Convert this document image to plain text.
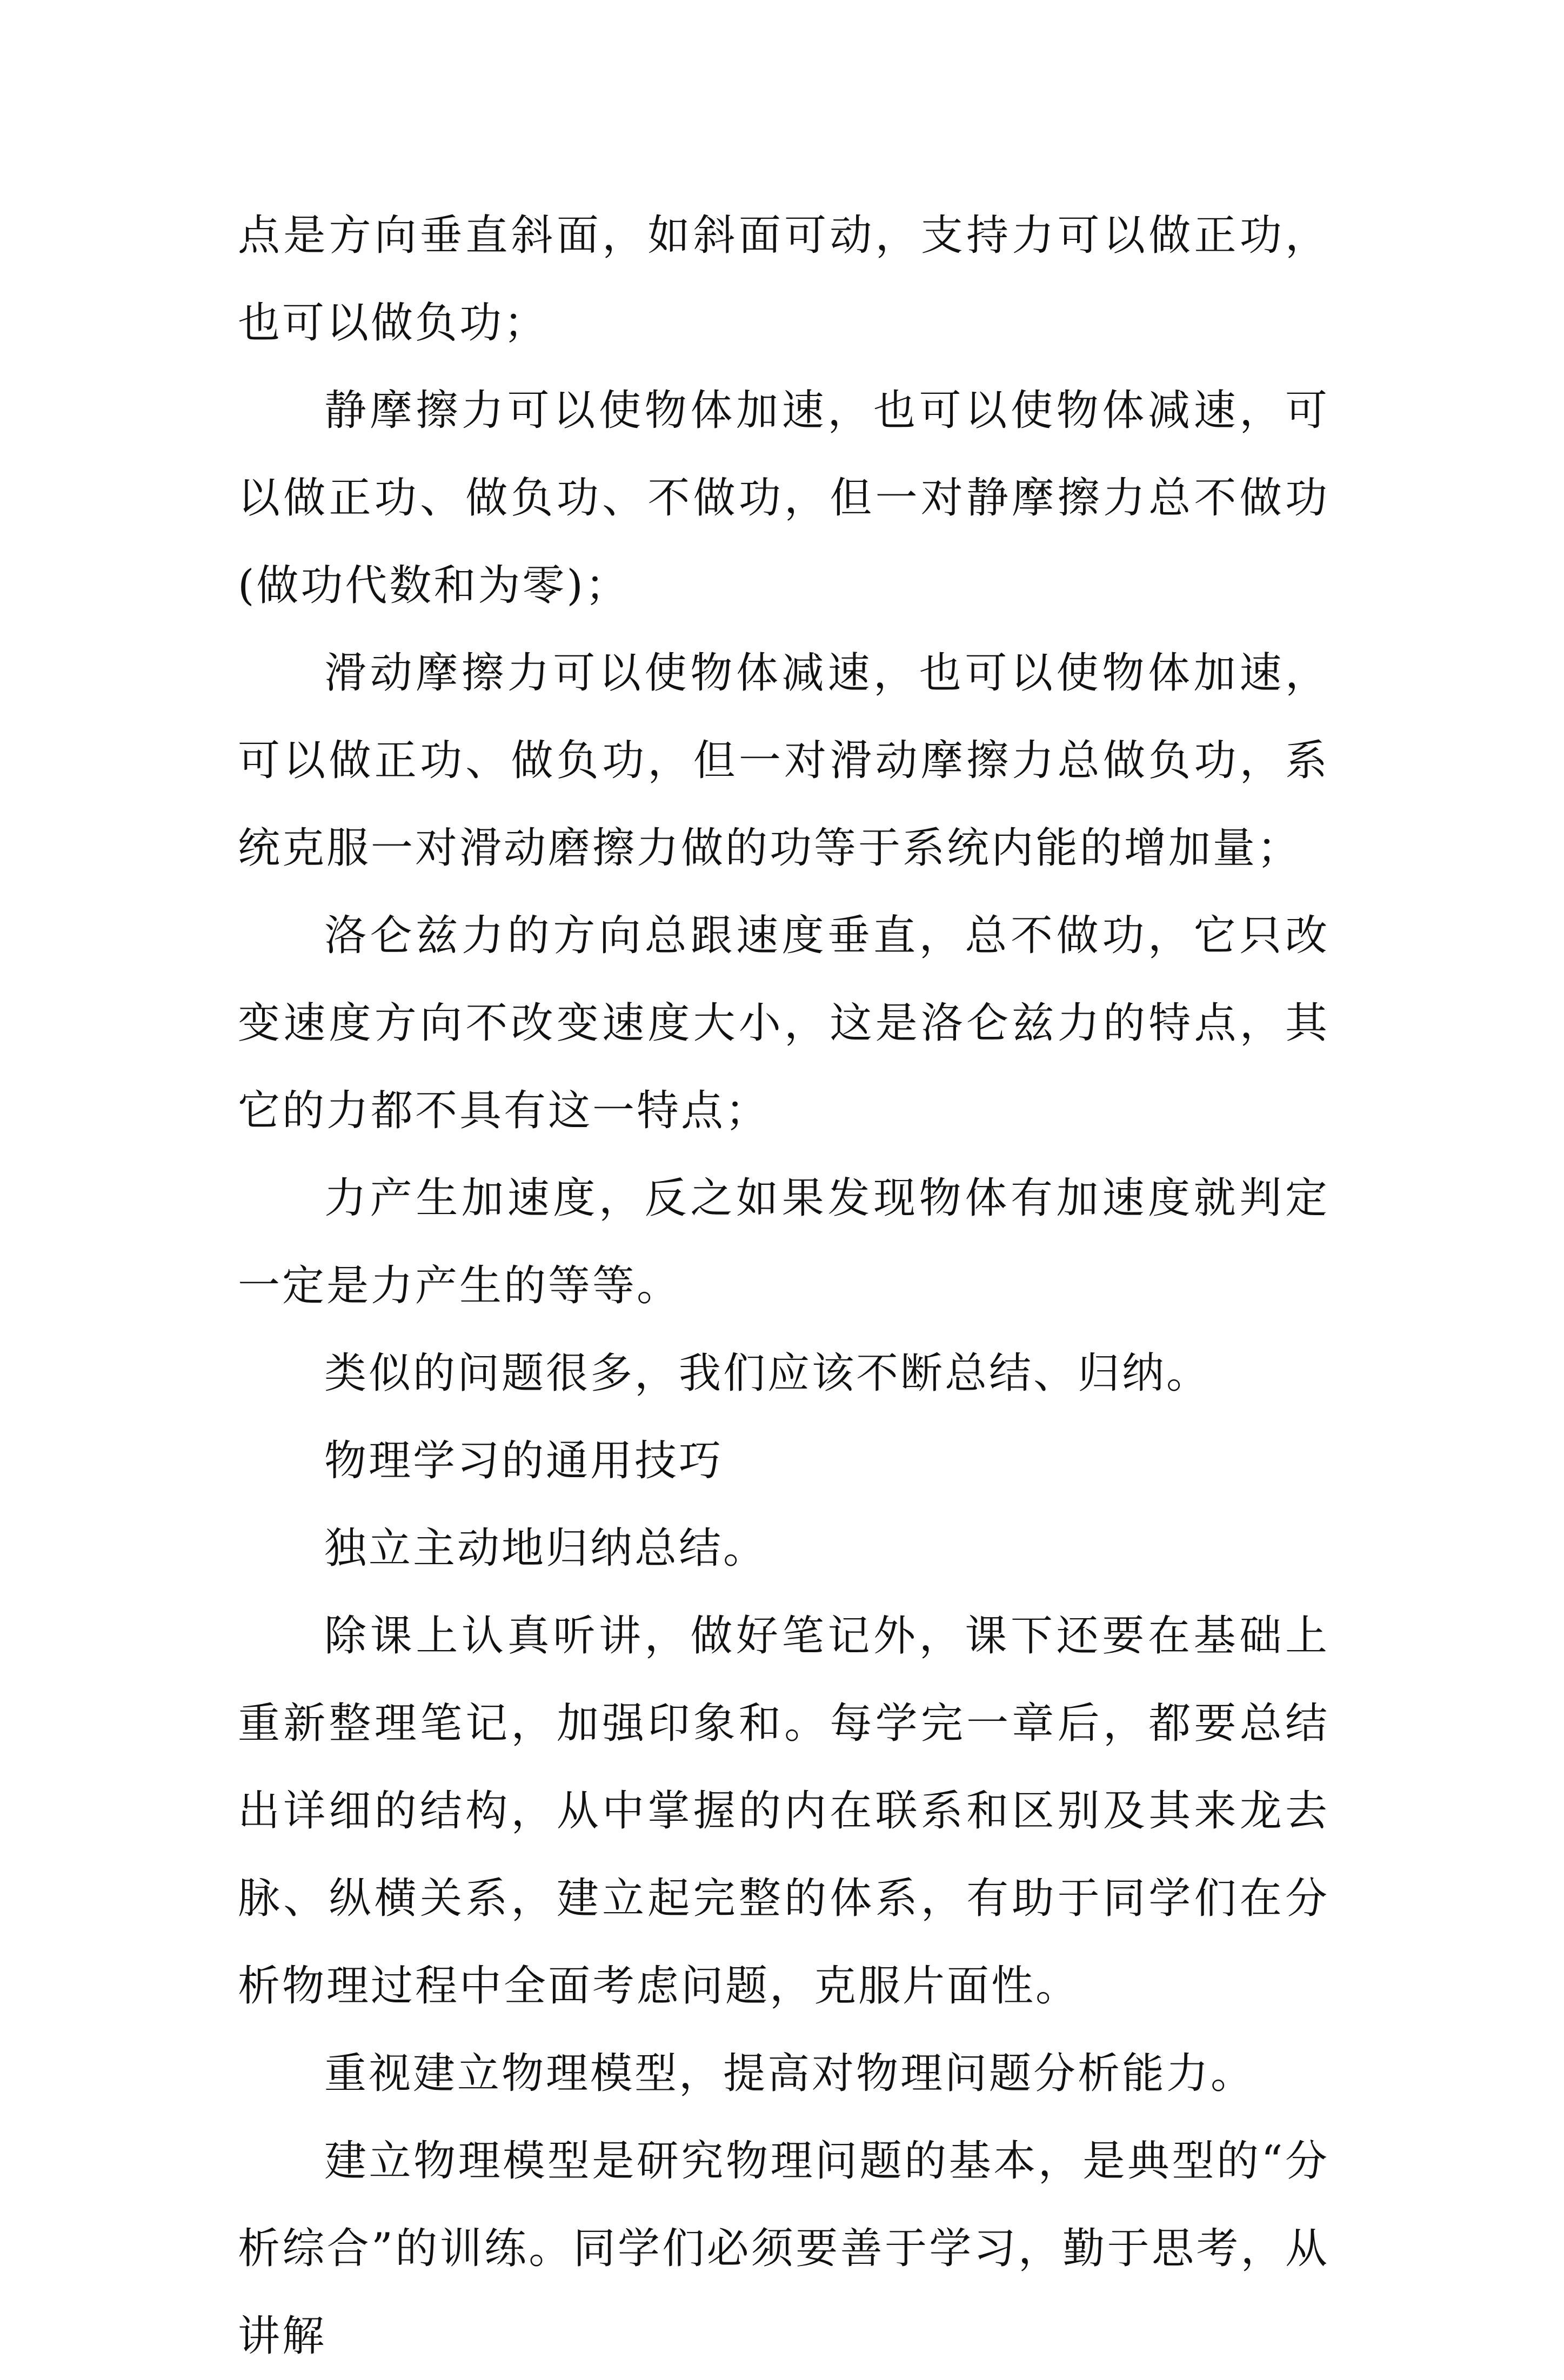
点是方向垂直斜面，如斜面可动，支持力可以做正功，也可以做负功；

静摩擦力可以使物体加速，也可以使物体减速，可以做正功、做负功、不做功，但一对静摩擦力总不做功(做功代数和为零)；

滑动摩擦力可以使物体减速，也可以使物体加速，可以做正功、做负功，但一对滑动摩擦力总做负功，系统克服一对滑动磨擦力做的功等于系统内能的增加量；

洛仑兹力的方向总跟速度垂直，总不做功，它只改变速度方向不改变速度大小，这是洛仑兹力的特点，其它的力都不具有这一特点；

力产生加速度，反之如果发现物体有加速度就判定一定是力产生的等等。

类似的问题很多，我们应该不断总结、归纳。

物理学习的通用技巧

独立主动地归纳总结。

除课上认真听讲，做好笔记外，课下还要在基础上重新整理笔记，加强印象和。每学完一章后，都要总结出详细的结构，从中掌握的内在联系和区别及其来龙去脉、纵横关系，建立起完整的体系，有助于同学们在分析物理过程中全面考虑问题，克服片面性。

重视建立物理模型，提高对物理问题分析能力。

建立物理模型是研究物理问题的基本，是典型的“分析综合”的训练。同学们必须要善于学习，勤于思考，从讲解
